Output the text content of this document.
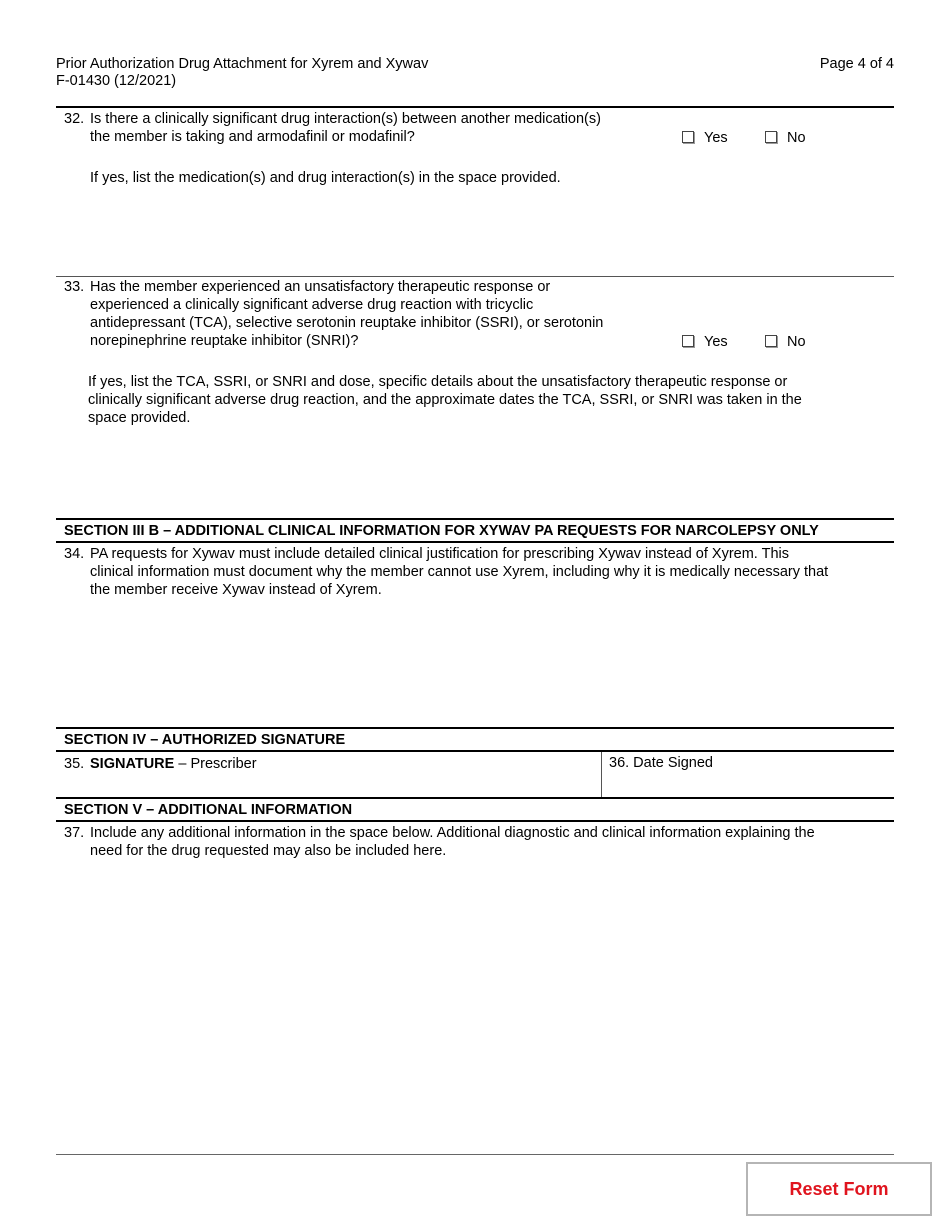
Prior Authorization Drug Attachment for Xyrem and Xywav
F-01430 (12/2021)
Page 4 of 4
32. Is there a clinically significant drug interaction(s) between another medication(s)
the member is taking and armodafinil or modafinil?	Yes	No
If yes, list the medication(s) and drug interaction(s) in the space provided.
33. Has the member experienced an unsatisfactory therapeutic response or
experienced a clinically significant adverse drug reaction with tricyclic
antidepressant (TCA), selective serotonin reuptake inhibitor (SSRI), or serotonin
norepinephrine reuptake inhibitor (SNRI)?	Yes	No
If yes, list the TCA, SSRI, or SNRI and dose, specific details about the unsatisfactory therapeutic response or
clinically significant adverse drug reaction, and the approximate dates the TCA, SSRI, or SNRI was taken in the
space provided.
SECTION III B – ADDITIONAL CLINICAL INFORMATION FOR XYWAV PA REQUESTS FOR NARCOLEPSY ONLY
34. PA requests for Xywav must include detailed clinical justification for prescribing Xywav instead of Xyrem. This
clinical information must document why the member cannot use Xyrem, including why it is medically necessary that
the member receive Xywav instead of Xyrem.
SECTION IV – AUTHORIZED SIGNATURE
35. SIGNATURE – Prescriber	36. Date Signed
SECTION V – ADDITIONAL INFORMATION
37. Include any additional information in the space below. Additional diagnostic and clinical information explaining the
need for the drug requested may also be included here.
Reset Form
